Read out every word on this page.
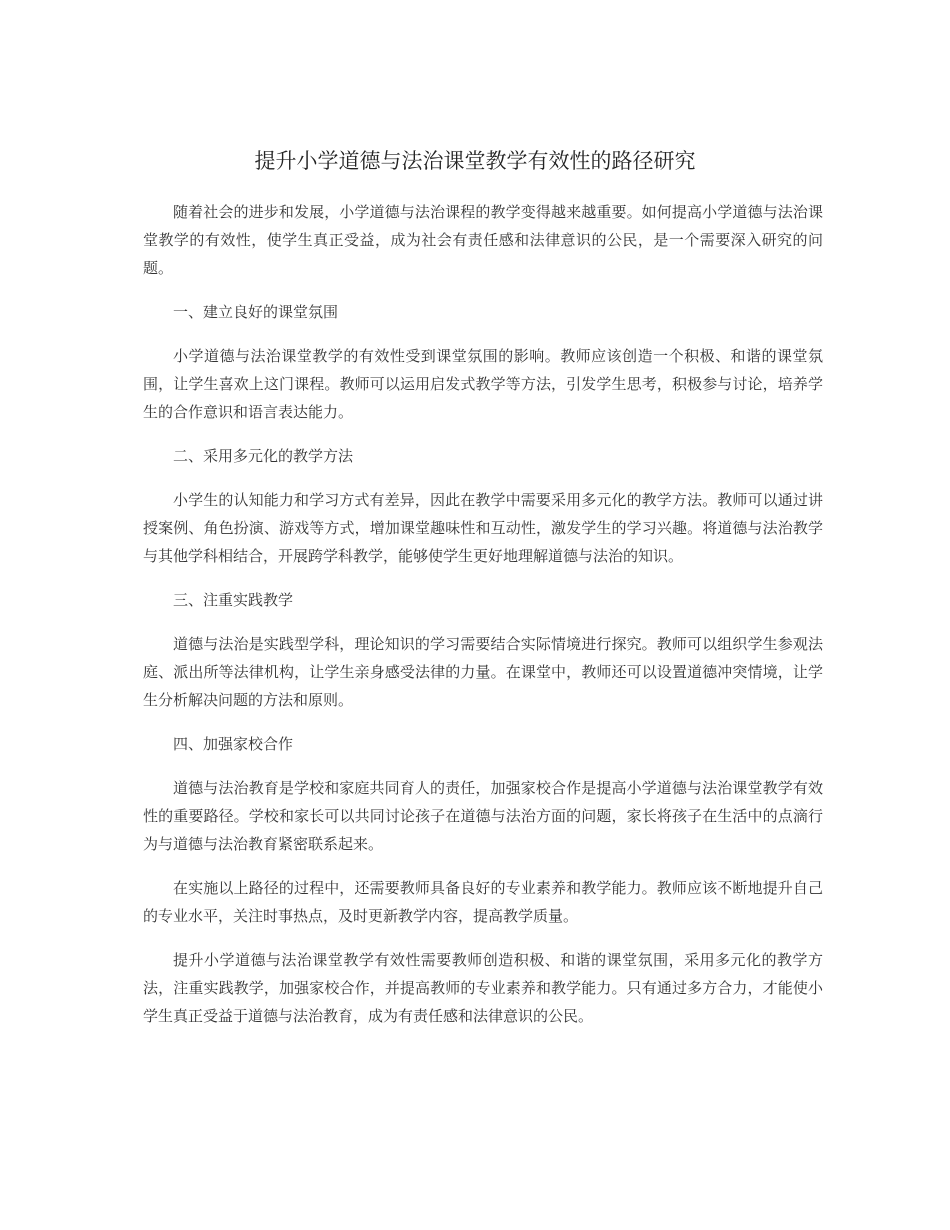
提升小学道德与法治课堂教学有效性的路径研究

随着社会的进步和发展，小学道德与法治课程的教学变得越来越重要。如何提高小学道德与法治课堂教学的有效性，使学生真正受益，成为社会有责任感和法律意识的公民，是一个需要深入研究的问题。

一、建立良好的课堂氛围

小学道德与法治课堂教学的有效性受到课堂氛围的影响。教师应该创造一个积极、和谐的课堂氛围，让学生喜欢上这门课程。教师可以运用启发式教学等方法，引发学生思考，积极参与讨论，培养学生的合作意识和语言表达能力。

二、采用多元化的教学方法

小学生的认知能力和学习方式有差异，因此在教学中需要采用多元化的教学方法。教师可以通过讲授案例、角色扮演、游戏等方式，增加课堂趣味性和互动性，激发学生的学习兴趣。将道德与法治教学与其他学科相结合，开展跨学科教学，能够使学生更好地理解道德与法治的知识。

三、注重实践教学

道德与法治是实践型学科，理论知识的学习需要结合实际情境进行探究。教师可以组织学生参观法庭、派出所等法律机构，让学生亲身感受法律的力量。在课堂中，教师还可以设置道德冲突情境，让学生分析解决问题的方法和原则。

四、加强家校合作

道德与法治教育是学校和家庭共同育人的责任，加强家校合作是提高小学道德与法治课堂教学有效性的重要路径。学校和家长可以共同讨论孩子在道德与法治方面的问题，家长将孩子在生活中的点滴行为与道德与法治教育紧密联系起来。

在实施以上路径的过程中，还需要教师具备良好的专业素养和教学能力。教师应该不断地提升自己的专业水平，关注时事热点，及时更新教学内容，提高教学质量。

提升小学道德与法治课堂教学有效性需要教师创造积极、和谐的课堂氛围，采用多元化的教学方法，注重实践教学，加强家校合作，并提高教师的专业素养和教学能力。只有通过多方合力，才能使小学生真正受益于道德与法治教育，成为有责任感和法律意识的公民。
